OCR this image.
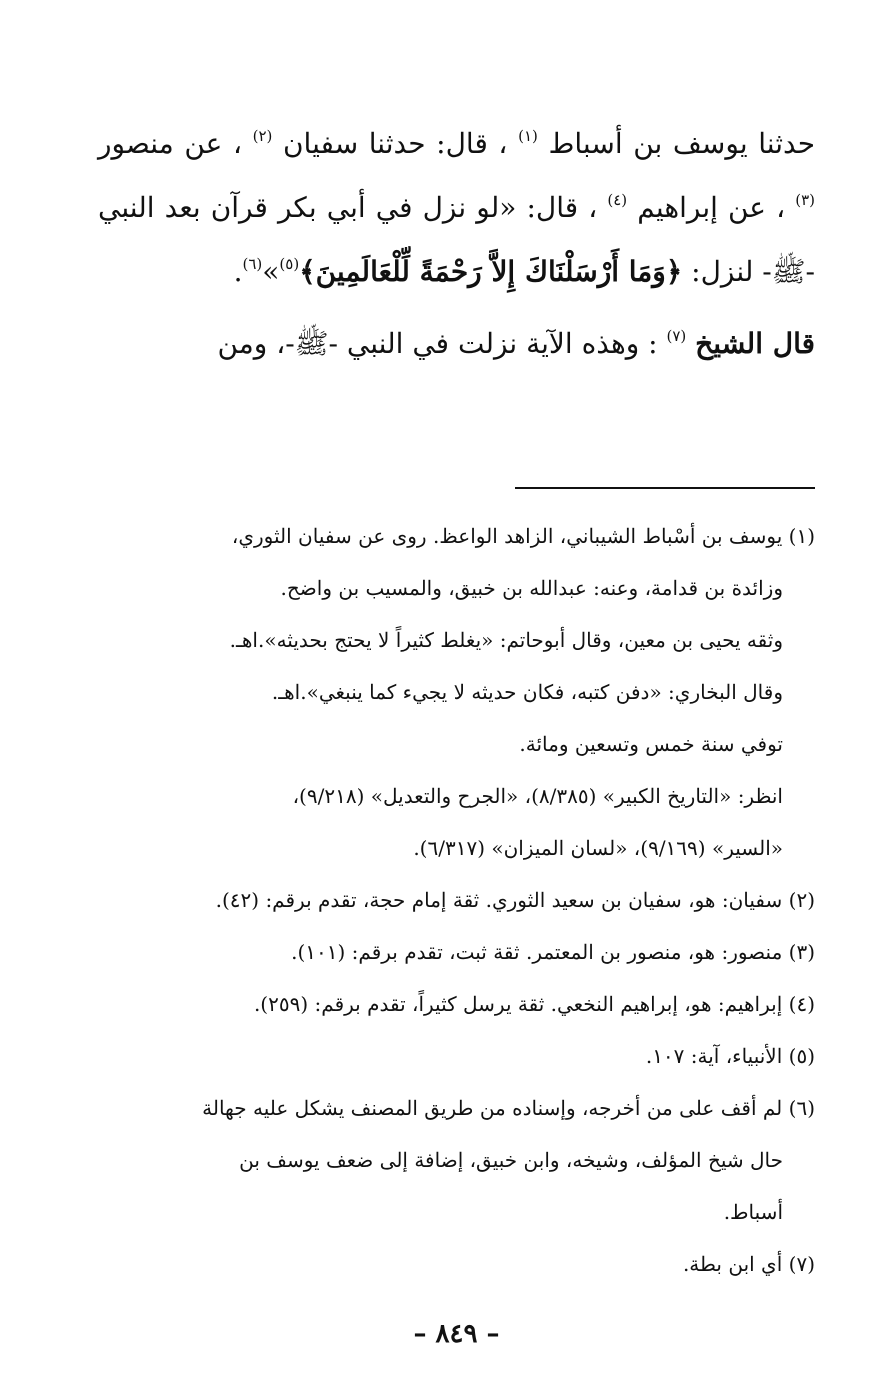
حدثنا يوسف بن أسباط $^{(١)}$ ، قال: حدثنا سفيان $^{(٢)}$ ، عن منصور $^{(٣)}$ ، عن إبراهيم $^{(٤)}$ ، قال: «لو نزل في أبي بكر قرآن بعد النبي -ﷺ- لنزل: ﴿وَمَا أَرْسَلْنَاكَ إِلاَّ رَحْمَةً لِّلْعَالَمِينَ﴾$^{(٥)}$»$^{(٦)}$.

قال الشيخ $^{(٧)}$ : وهذه الآية نزلت في النبي -ﷺ-، ومن

(١) يوسف بن أسْباط الشيباني، الزاهد الواعظ. روى عن سفيان الثوري،
وزائدة بن قدامة، وعنه: عبدالله بن خبيق، والمسيب بن واضح.
وثقه يحيى بن معين، وقال أبوحاتم: «يغلط كثيراً لا يحتج بحديثه».اهـ.
وقال البخاري: «دفن كتبه، فكان حديثه لا يجيء كما ينبغي».اهـ.
توفي سنة خمس وتسعين ومائة.
انظر: «التاريخ الكبير» (٨/٣٨٥)، «الجرح والتعديل» (٩/٢١٨)،
«السير» (٩/١٦٩)، «لسان الميزان» (٦/٣١٧).
(٢) سفيان: هو، سفيان بن سعيد الثوري. ثقة إمام حجة، تقدم برقم: (٤٢).
(٣) منصور: هو، منصور بن المعتمر. ثقة ثبت، تقدم برقم: (١٠١).
(٤) إبراهيم: هو، إبراهيم النخعي. ثقة يرسل كثيراً، تقدم برقم: (٢٥٩).
(٥) الأنبياء، آية: ١٠٧.
(٦) لم أقف على من أخرجه، وإسناده من طريق المصنف يشكل عليه جهالة
حال شيخ المؤلف، وشيخه، وابن خبيق، إضافة إلى ضعف يوسف بن
أسباط.
(٧) أي ابن بطة.
– ٨٤٩ –
